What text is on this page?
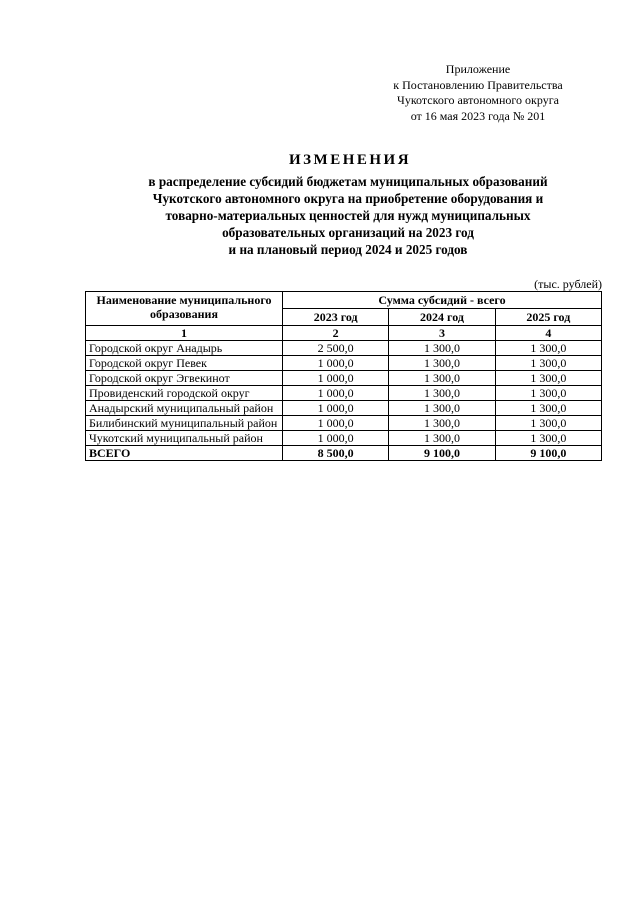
Приложение
к Постановлению Правительства
Чукотского автономного округа
от 16 мая 2023 года № 201
ИЗМЕНЕНИЯ
в распределение субсидий бюджетам муниципальных образований
Чукотского автономного округа на приобретение оборудования и
товарно-материальных ценностей для нужд муниципальных
образовательных организаций на 2023 год
и на плановый период 2024 и 2025 годов
(тыс. рублей)
Наименование муниципального образования	Сумма субсидий - всего		
	2023 год	2024 год	2025 год
1	2	3	4
Городской округ Анадырь	2 500,0	1 300,0	1 300,0
Городской округ Певек	1 000,0	1 300,0	1 300,0
Городской округ Эгвекинот	1 000,0	1 300,0	1 300,0
Провиденский городской округ	1 000,0	1 300,0	1 300,0
Анадырский муниципальный район	1 000,0	1 300,0	1 300,0
Билибинский муниципальный район	1 000,0	1 300,0	1 300,0
Чукотский муниципальный район	1 000,0	1 300,0	1 300,0
ВСЕГО	8 500,0	9 100,0	9 100,0
